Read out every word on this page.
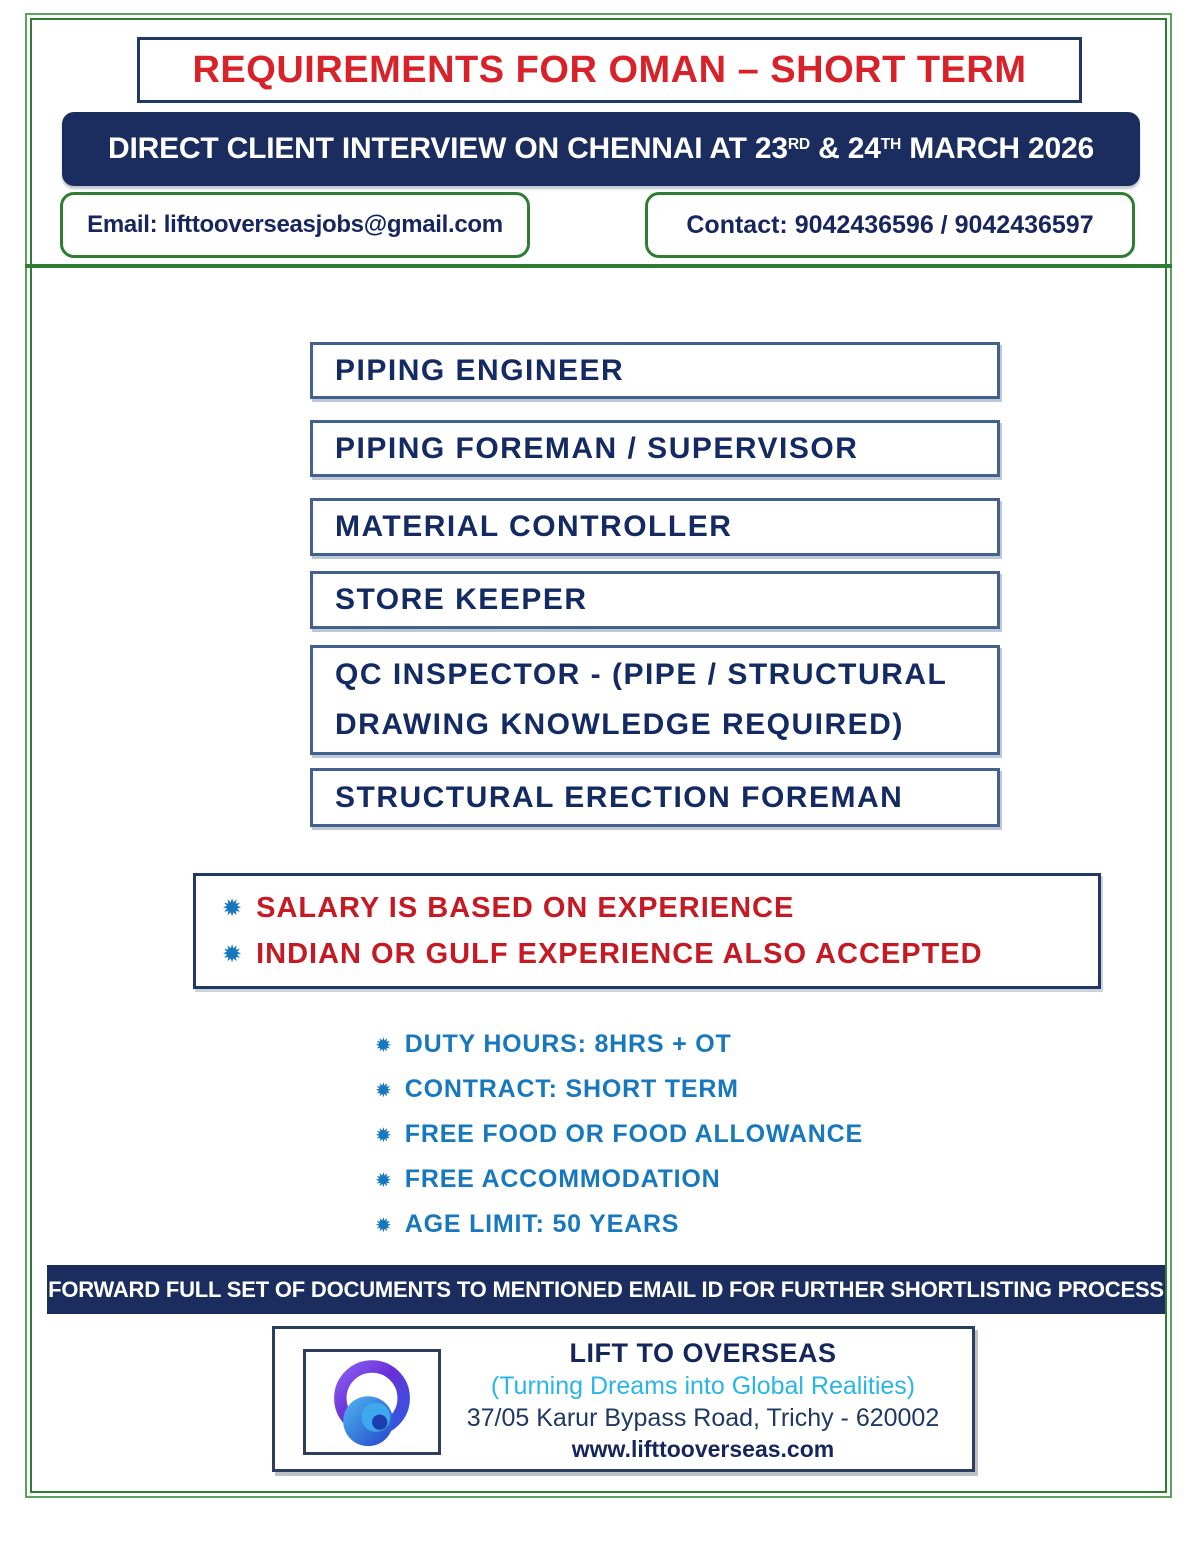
REQUIREMENTS FOR OMAN – SHORT TERM
DIRECT CLIENT INTERVIEW ON CHENNAI AT 23RD & 24TH MARCH 2026
Email: lifttooverseasjobs@gmail.com	Contact: 9042436596 / 9042436597
PIPING ENGINEER
PIPING FOREMAN / SUPERVISOR
MATERIAL CONTROLLER
STORE KEEPER
QC INSPECTOR - (PIPE / STRUCTURAL DRAWING KNOWLEDGE REQUIRED)
STRUCTURAL ERECTION FOREMAN
✹ SALARY IS BASED ON EXPERIENCE
✹ INDIAN OR GULF EXPERIENCE ALSO ACCEPTED
✹ DUTY HOURS: 8HRS + OT
✹ CONTRACT: SHORT TERM
✹ FREE FOOD OR FOOD ALLOWANCE
✹ FREE ACCOMMODATION
✹ AGE LIMIT: 50 YEARS
FORWARD FULL SET OF DOCUMENTS TO MENTIONED EMAIL ID FOR FURTHER SHORTLISTING PROCESS
LIFT TO OVERSEAS
(Turning Dreams into Global Realities)
37/05 Karur Bypass Road, Trichy - 620002
www.lifttooverseas.com
